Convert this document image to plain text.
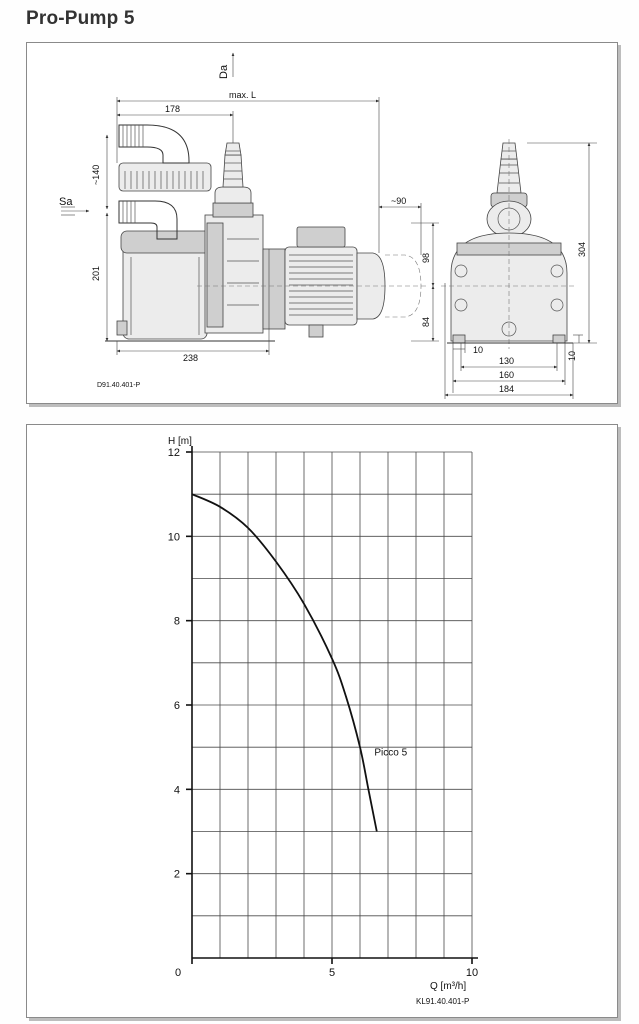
Pro-Pump 5
max. L
178
~140
201
~90
98
84
238
Da
Sa
D91.40.401-P
304
10
10
130
160
184
2
4
6
8
10
12
0	5	10
H [m]
Q [m³/h]
KL91.40.401-P
Picco 5
